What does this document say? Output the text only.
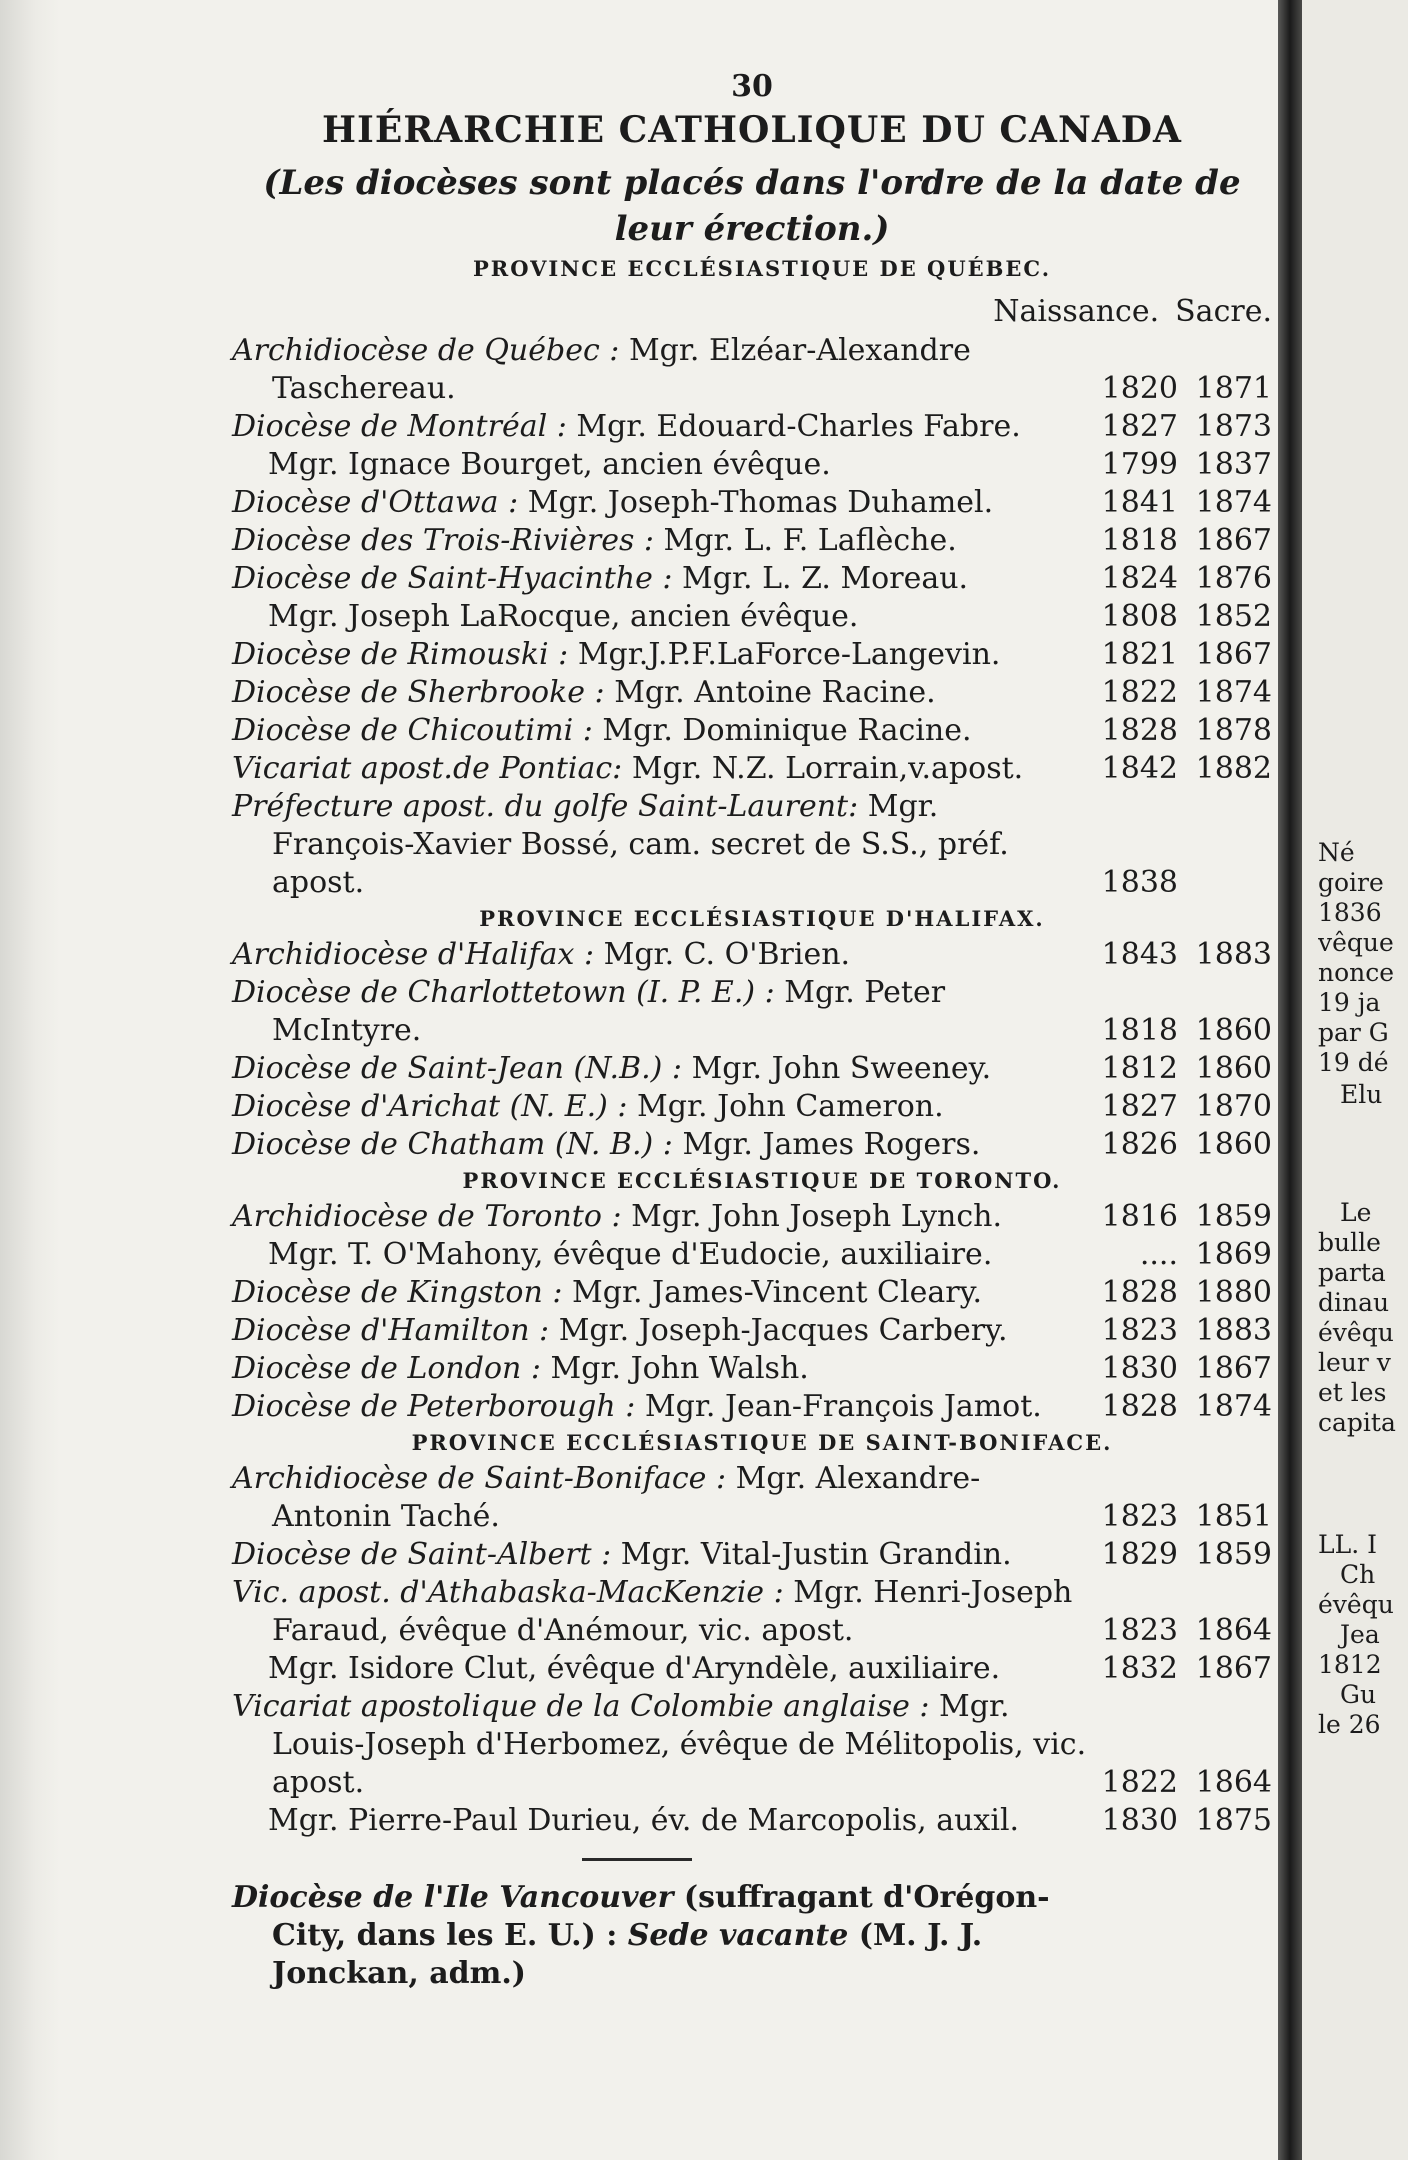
Né
goire
1836
vêque
nonce
19 ja
par G
19 dé
Elu
Le
bulle
parta
dinau
évêqu
leur v
et les
capita
LL. I
Ch
évêqu
Jea
1812
Gu
le 26
30
HIÉRARCHIE CATHOLIQUE DU CANADA
(Les diocèses sont placés dans l'ordre de la date de leur érection.)
PROVINCE ECCLÉSIASTIQUE DE QUÉBEC.
Naissance. Sacre.
Archidiocèse de Québec : Mgr. Elzéar-Alexandre Taschereau.	1820 1871
Diocèse de Montréal : Mgr. Edouard-Charles Fabre.	1827 1873
Mgr. Ignace Bourget, ancien évêque.	1799 1837
Diocèse d'Ottawa : Mgr. Joseph-Thomas Duhamel.	1841 1874
Diocèse des Trois-Rivières : Mgr. L. F. Laflèche.	1818 1867
Diocèse de Saint-Hyacinthe : Mgr. L. Z. Moreau.	1824 1876
Mgr. Joseph LaRocque, ancien évêque.	1808 1852
Diocèse de Rimouski : Mgr.J.P.F.LaForce-Langevin.	1821 1867
Diocèse de Sherbrooke : Mgr. Antoine Racine.	1822 1874
Diocèse de Chicoutimi : Mgr. Dominique Racine.	1828 1878
Vicariat apost.de Pontiac: Mgr. N.Z. Lorrain,v.apost.	1842 1882
Préfecture apost. du golfe Saint-Laurent: Mgr. François-Xavier Bossé, cam. secret de S.S., préf. apost.	1838
PROVINCE ECCLÉSIASTIQUE D'HALIFAX.
Archidiocèse d'Halifax : Mgr. C. O'Brien.	1843 1883
Diocèse de Charlottetown (I. P. E.) : Mgr. Peter McIntyre.	1818 1860
Diocèse de Saint-Jean (N.B.) : Mgr. John Sweeney.	1812 1860
Diocèse d'Arichat (N. E.) : Mgr. John Cameron.	1827 1870
Diocèse de Chatham (N. B.) : Mgr. James Rogers.	1826 1860
PROVINCE ECCLÉSIASTIQUE DE TORONTO.
Archidiocèse de Toronto : Mgr. John Joseph Lynch.	1816 1859
Mgr. T. O'Mahony, évêque d'Eudocie, auxiliaire.	.... 1869
Diocèse de Kingston : Mgr. James-Vincent Cleary.	1828 1880
Diocèse d'Hamilton : Mgr. Joseph-Jacques Carbery.	1823 1883
Diocèse de London : Mgr. John Walsh.	1830 1867
Diocèse de Peterborough : Mgr. Jean-François Jamot.	1828 1874
PROVINCE ECCLÉSIASTIQUE DE SAINT-BONIFACE.
Archidiocèse de Saint-Boniface : Mgr. Alexandre-Antonin Taché.	1823 1851
Diocèse de Saint-Albert : Mgr. Vital-Justin Grandin.	1829 1859
Vic. apost. d'Athabaska-MacKenzie : Mgr. Henri-Joseph Faraud, évêque d'Anémour, vic. apost.	1823 1864
Mgr. Isidore Clut, évêque d'Aryndèle, auxiliaire.	1832 1867
Vicariat apostolique de la Colombie anglaise : Mgr. Louis-Joseph d'Herbomez, évêque de Mélitopolis, vic. apost.	1822 1864
Mgr. Pierre-Paul Durieu, év. de Marcopolis, auxil.	1830 1875
Diocèse de l'Ile Vancouver (suffragant d'Orégon-City, dans les E. U.) : Sede vacante (M. J. J. Jonckan, adm.)
